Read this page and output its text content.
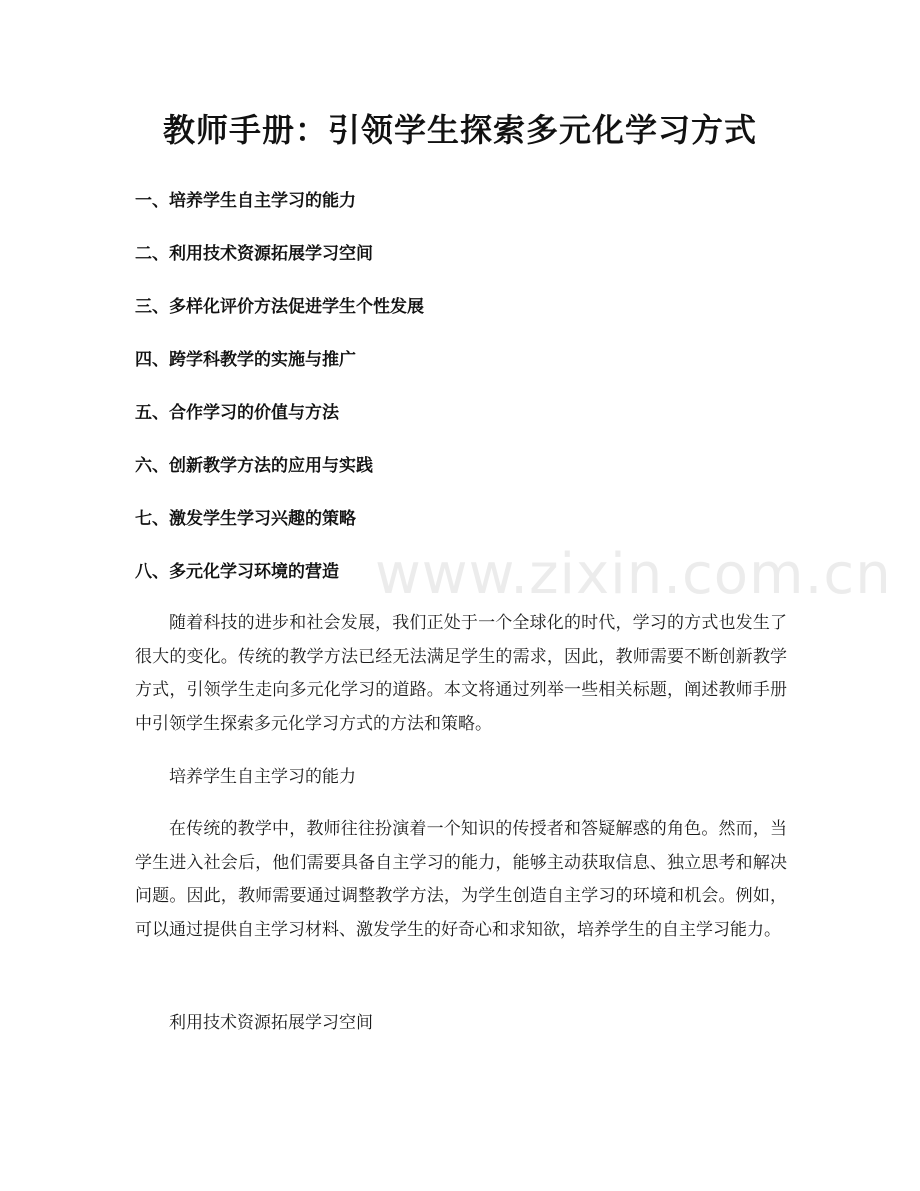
教师手册：引领学生探索多元化学习方式
一、培养学生自主学习的能力
二、利用技术资源拓展学习空间
三、多样化评价方法促进学生个性发展
四、跨学科教学的实施与推广
五、合作学习的价值与方法
六、创新教学方法的应用与实践
七、激发学生学习兴趣的策略
八、多元化学习环境的营造

随着科技的进步和社会发展，我们正处于一个全球化的时代，学习的方式也发生了很大的变化。传统的教学方法已经无法满足学生的需求，因此，教师需要不断创新教学方式，引领学生走向多元化学习的道路。本文将通过列举一些相关标题，阐述教师手册中引领学生探索多元化学习方式的方法和策略。

培养学生自主学习的能力

在传统的教学中，教师往往扮演着一个知识的传授者和答疑解惑的角色。然而，当学生进入社会后，他们需要具备自主学习的能力，能够主动获取信息、独立思考和解决问题。因此，教师需要通过调整教学方法，为学生创造自主学习的环境和机会。例如，可以通过提供自主学习材料、激发学生的好奇心和求知欲，培养学生的自主学习能力。

利用技术资源拓展学习空间

www.zixin.com.cn
